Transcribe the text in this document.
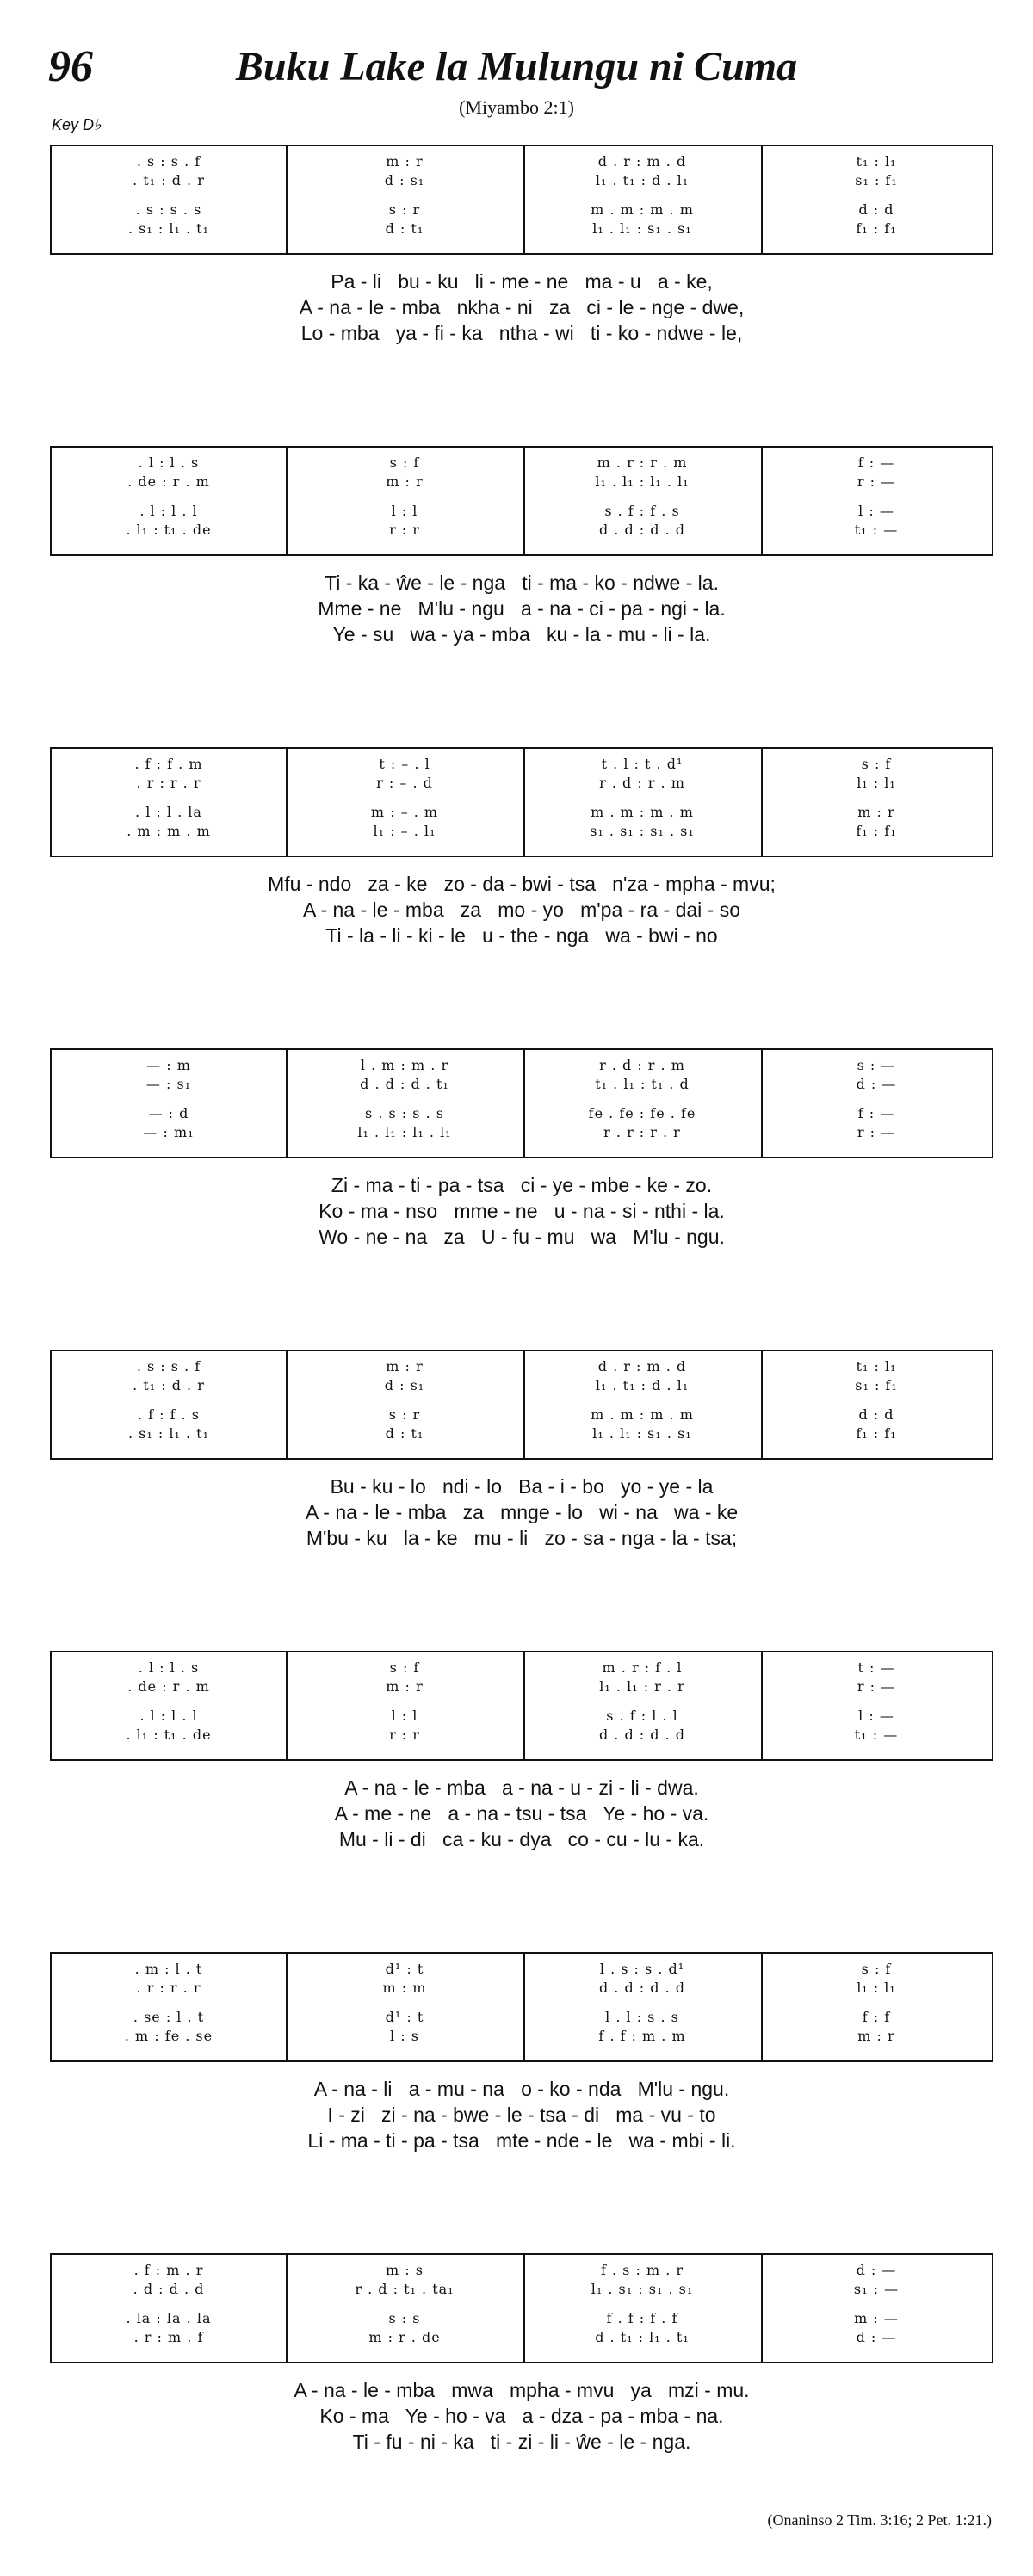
96	Buku Lake la Mulungu ni Cuma
(Miyambo 2:1)
Key D♭
. s : s . f
. t₁ : d . r
. s : s . s
. s₁ : l₁ . t₁
m : r
d : s₁
s : r
d : t₁
d . r : m . d
l₁ . t₁ : d . l₁
m . m : m . m
l₁ . l₁ : s₁ . s₁
t₁ : l₁
s₁ : f₁
d : d
f₁ : f₁
Pa - li   bu - ku   li - me - ne   ma - u   a - ke,
A - na - le - mba   nkha - ni   za   ci - le - nge - dwe,
Lo - mba   ya - fi - ka   ntha - wi   ti - ko - ndwe - le,
. l : l . s
. de : r . m
. l : l . l
. l₁ : t₁ . de
s : f
m : r
l : l
r : r
m . r : r . m
l₁ . l₁ : l₁ . l₁
s . f : f . s
d . d : d . d
f : —
r : —
l : —
t₁ : —
Ti - ka - ŵe - le - nga   ti - ma - ko - ndwe - la.
Mme - ne   M'lu - ngu   a - na - ci - pa - ngi - la.
Ye - su   wa - ya - mba   ku - la - mu - li - la.
. f : f . m
. r : r . r
. l : l . la
. m : m . m
t : – . l
r : – . d
m : – . m
l₁ : – . l₁
t . l : t . d¹
r . d : r . m
m . m : m . m
s₁ . s₁ : s₁ . s₁
s : f
l₁ : l₁
m : r
f₁ : f₁
Mfu - ndo   za - ke   zo - da - bwi - tsa   n'za - mpha - mvu;
A - na - le - mba   za   mo - yo   m'pa - ra - dai - so
Ti - la - li - ki - le   u - the - nga   wa - bwi - no
— : m
— : s₁
— : d
— : m₁
l . m : m . r
d . d : d . t₁
s . s : s . s
l₁ . l₁ : l₁ . l₁
r . d : r . m
t₁ . l₁ : t₁ . d
fe . fe : fe . fe
r . r : r . r
s : —
d : —
f : —
r : —
Zi - ma - ti - pa - tsa   ci - ye - mbe - ke - zo.
Ko - ma - nso   mme - ne   u - na - si - nthi - la.
Wo - ne - na   za   U - fu - mu   wa   M'lu - ngu.
. s : s . f
. t₁ : d . r
. f : f . s
. s₁ : l₁ . t₁
m : r
d : s₁
s : r
d : t₁
d . r : m . d
l₁ . t₁ : d . l₁
m . m : m . m
l₁ . l₁ : s₁ . s₁
t₁ : l₁
s₁ : f₁
d : d
f₁ : f₁
Bu - ku - lo   ndi - lo   Ba - i - bo   yo - ye - la
A - na - le - mba   za   mnge - lo   wi - na   wa - ke
M'bu - ku   la - ke   mu - li   zo - sa - nga - la - tsa;
. l : l . s
. de : r . m
. l : l . l
. l₁ : t₁ . de
s : f
m : r
l : l
r : r
m . r : f . l
l₁ . l₁ : r . r
s . f : l . l
d . d : d . d
t : —
r : —
l : —
t₁ : —
A - na - le - mba   a - na - u - zi - li - dwa.
A - me - ne   a - na - tsu - tsa   Ye - ho - va.
Mu - li - di   ca - ku - dya   co - cu - lu - ka.
. m : l . t
. r : r . r
. se : l . t
. m : fe . se
d¹ : t
m : m
d¹ : t
l : s
l . s : s . d¹
d . d : d . d
l . l : s . s
f . f : m . m
s : f
l₁ : l₁
f : f
m : r
A - na - li   a - mu - na   o - ko - nda   M'lu - ngu.
I - zi   zi - na - bwe - le - tsa - di   ma - vu - to
Li - ma - ti - pa - tsa   mte - nde - le   wa - mbi - li.
. f : m . r
. d : d . d
. la : la . la
. r : m . f
m : s
r . d : t₁ . ta₁
s : s
m : r . de
f . s : m . r
l₁ . s₁ : s₁ . s₁
f . f : f . f
d . t₁ : l₁ . t₁
d : —
s₁ : —
m : —
d : —
A - na - le - mba   mwa   mpha - mvu   ya   mzi - mu.
Ko - ma   Ye - ho - va   a - dza - pa - mba - na.
Ti - fu - ni - ka   ti - zi - li - ŵe - le - nga.
(Onaninso 2 Tim. 3:16; 2 Pet. 1:21.)
